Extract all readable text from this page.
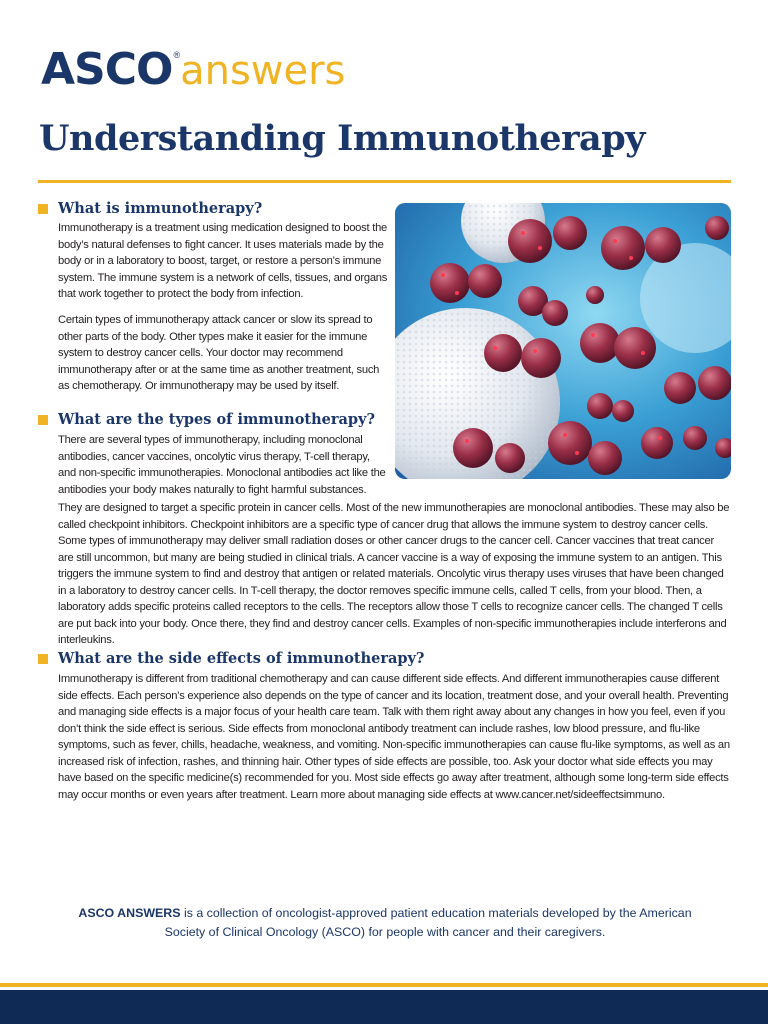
ASCO®answers
Understanding Immunotherapy
What is immunotherapy?

Immunotherapy is a treatment using medication designed to boost the body’s natural defenses to fight cancer. It uses materials made by the body or in a laboratory to boost, target, or restore a person’s immune system. The immune system is a network of cells, tissues, and organs that work together to protect the body from infection.

Certain types of immunotherapy attack cancer or slow its spread to other parts of the body. Other types make it easier for the immune system to destroy cancer cells. Your doctor may recommend immunotherapy after or at the same time as another treatment, such as chemotherapy. Or immunotherapy may be used by itself.

What are the types of immunotherapy?

There are several types of immunotherapy, including monoclonal antibodies, cancer vaccines, oncolytic virus therapy, T-cell therapy, and non-specific immunotherapies. Monoclonal antibodies act like the antibodies your body makes naturally to fight harmful substances.

They are designed to target a specific protein in cancer cells. Most of the new immunotherapies are monoclonal antibodies. These may also be called checkpoint inhibitors. Checkpoint inhibitors are a specific type of cancer drug that allows the immune system to destroy cancer cells. Some types of immunotherapy may deliver small radiation doses or other cancer drugs to the cancer cell. Cancer vaccines that treat cancer are still uncommon, but many are being studied in clinical trials. A cancer vaccine is a way of exposing the immune system to an antigen. This triggers the immune system to find and destroy that antigen or related materials. Oncolytic virus therapy uses viruses that have been changed in a laboratory to destroy cancer cells. In T-cell therapy, the doctor removes specific immune cells, called T cells, from your blood. Then, a laboratory adds specific proteins called receptors to the cells. The receptors allow those T cells to recognize cancer cells. The changed T cells are put back into your body. Once there, they find and destroy cancer cells. Examples of non-specific immunotherapies include interferons and interleukins.

What are the side effects of immunotherapy?

Immunotherapy is different from traditional chemotherapy and can cause different side effects. And different immunotherapies cause different side effects. Each person’s experience also depends on the type of cancer and its location, treatment dose, and your overall health. Preventing and managing side effects is a major focus of your health care team. Talk with them right away about any changes in how you feel, even if you don’t think the side effect is serious. Side effects from monoclonal antibody treatment can include rashes, low blood pressure, and flu-like symptoms, such as fever, chills, headache, weakness, and vomiting. Non-specific immunotherapies can cause flu-like symptoms, as well as an increased risk of infection, rashes, and thinning hair. Other types of side effects are possible, too. Ask your doctor what side effects you may have based on the specific medicine(s) recommended for you. Most side effects go away after treatment, although some long-term side effects may occur months or even years after treatment. Learn more about managing side effects at www.cancer.net/sideeffectsimmuno.

ASCO ANSWERS is a collection of oncologist-approved patient education materials developed by the American Society of Clinical Oncology (ASCO) for people with cancer and their caregivers.
